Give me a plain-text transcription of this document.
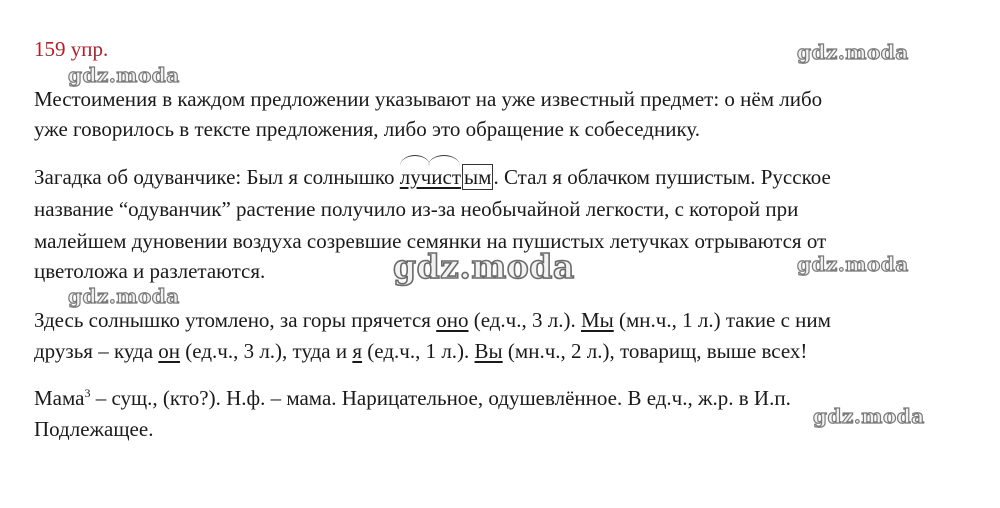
159 упр.	gdz.moda
gdz.moda
gdz.moda	gdz.moda
gdz.moda
gdz.moda
Местоимения в каждом предложении указывают на уже известный предмет: о нём либо
уже говорилось в тексте предложения, либо это обращение к собеседнику.
Загадка об одуванчике: Был я солнышко лучист ым. Стал я облачком пушистым. Русское
название “одуванчик” растение получило из-за необычайной легкости, с которой при
малейшем дуновении воздуха созревшие семянки на пушистых летучках отрываются от
цветоложа и разлетаются.
Здесь солнышко утомлено, за горы прячется оно (ед.ч., 3 л.). Мы (мн.ч., 1 л.) такие с ним
друзья – куда он (ед.ч., 3 л.), туда и я (ед.ч., 1 л.). Вы (мн.ч., 2 л.), товарищ, выше всех!
Мама$^3$ – сущ., (кто?). Н.ф. – мама. Нарицательное, одушевлённое. В ед.ч., ж.р. в И.п.
Подлежащее.
